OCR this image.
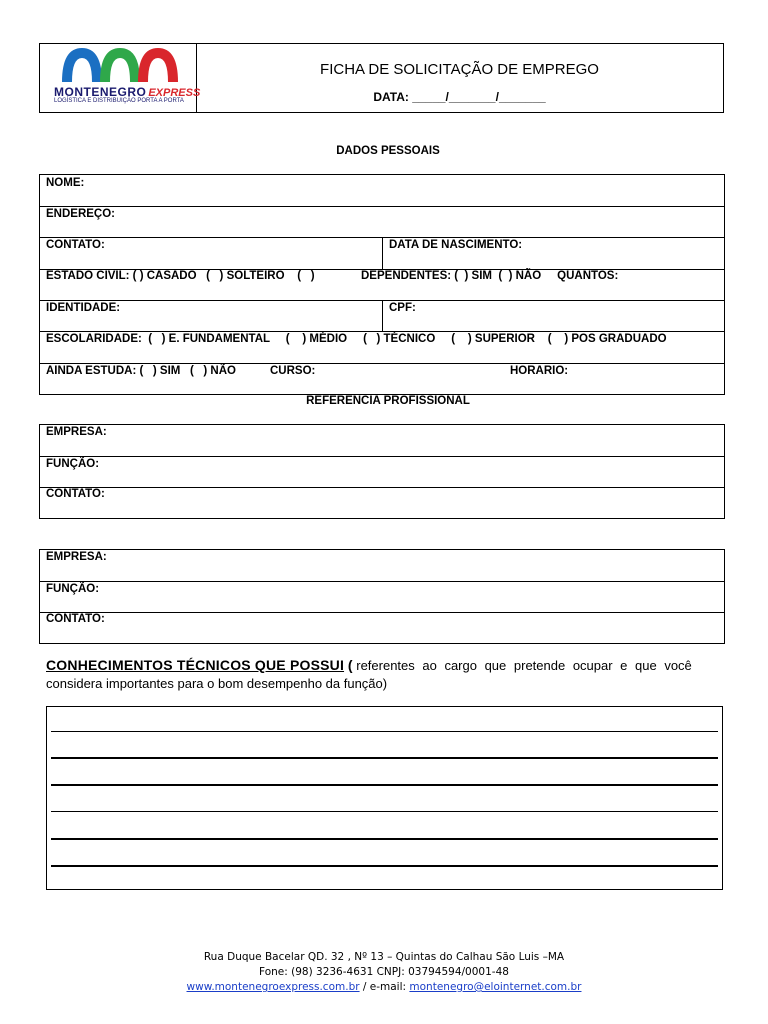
MONTENEGRO EXPRESS
LOGÍSTICA E DISTRIBUIÇÃO PORTA A PORTA
FICHA DE SOLICITAÇÃO DE EMPREGO
DATA: _____/_______/_______
DADOS PESSOAIS
NOME:
ENDEREÇO:
CONTATO:	DATA DE NASCIMENTO:
ESTADO CIVIL: ( ) CASADO   (   ) SOLTEIRO    (   )	DEPENDENTES: (  ) SIM  (  ) NÃO     QUANTOS:
IDENTIDADE:	CPF:
ESCOLARIDADE:  (   ) E. FUNDAMENTAL     (    ) MÉDIO     (   ) TÉCNICO     (    ) SUPERIOR    (    ) POS GRADUADO
AINDA ESTUDA: (   ) SIM   (   ) NÃO	CURSO:	HORARIO:
REFERENCIA PROFISSIONAL
EMPRESA:
FUNÇÃO:
CONTATO:
EMPRESA:
FUNÇÃO:
CONTATO:
CONHECIMENTOS TÉCNICOS QUE POSSUI ( referentes ao cargo que pretende ocupar e que você
considera importantes para o bom desempenho da função)
Rua Duque Bacelar QD. 32 , Nº 13 – Quintas do Calhau São Luis –MA
Fone: (98) 3236-4631 CNPJ: 03794594/0001-48
www.montenegroexpress.com.br / e-mail: montenegro@elointernet.com.br
